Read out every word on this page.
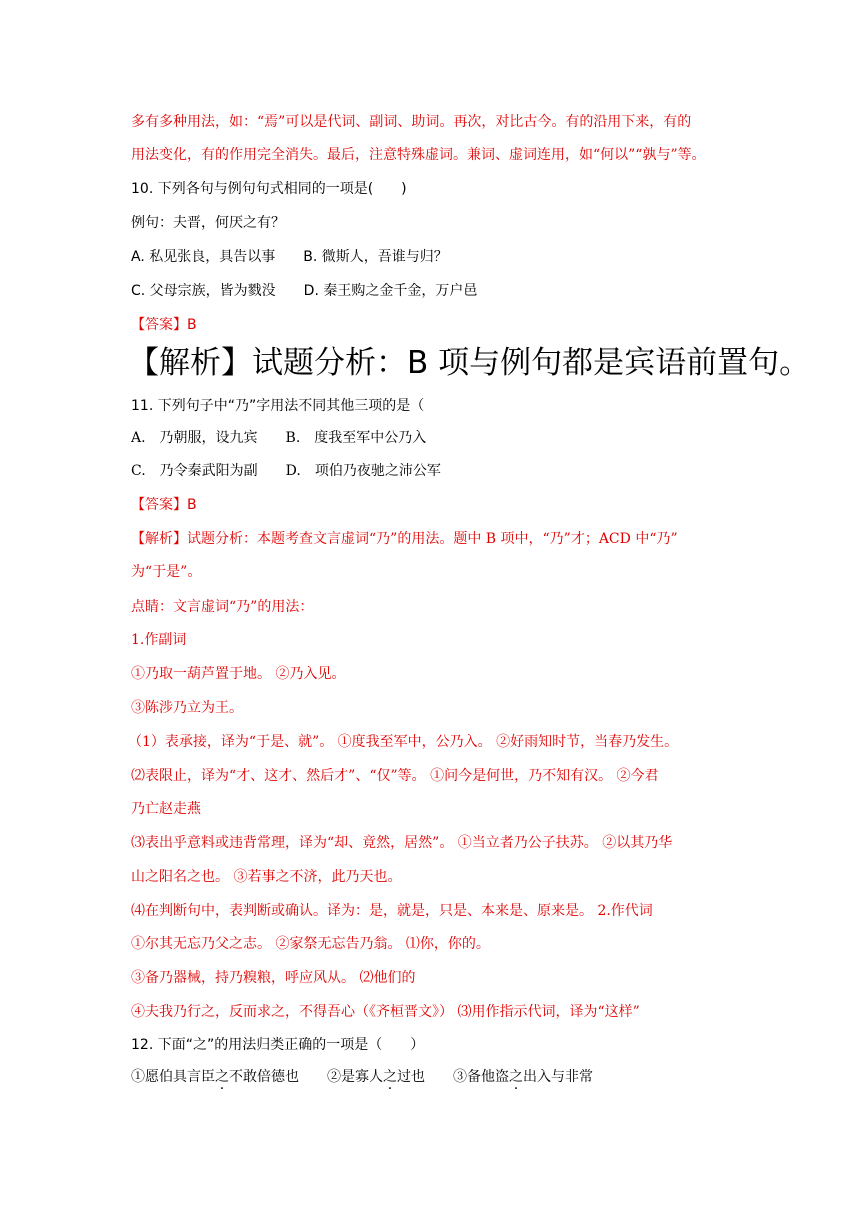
多有多种用法，如：“焉”可以是代词、副词、助词。再次，对比古今。有的沿用下来，有的
用法变化，有的作用完全消失。最后，注意特殊虚词。兼词、虚词连用，如“何以”“孰与”等。
10. 下列各句与例句句式相同的一项是(　　)
例句：夫晋，何厌之有？
A. 私见张良，具告以事　　B. 微斯人，吾谁与归？
C. 父母宗族，皆为戮没　　D. 秦王购之金千金，万户邑
【答案】B
【解析】试题分析：B 项与例句都是宾语前置句。
11. 下列句子中“乃”字用法不同其他三项的是（
A.　乃朝服，设九宾　　B.　度我至军中公乃入
C.　乃令秦武阳为副　　D.　项伯乃夜驰之沛公军
【答案】B
【解析】试题分析：本题考查文言虚词“乃”的用法。题中 B 项中，“乃”才；ACD 中“乃”
为“于是”。
点睛：文言虚词“乃”的用法：
1.作副词
①乃取一葫芦置于地。 ②乃入见。
③陈涉乃立为王。
（1）表承接，译为“于是、就”。 ①度我至军中，公乃入。 ②好雨知时节，当春乃发生。
⑵表限止，译为“才、这才、然后才”、“仅”等。 ①问今是何世，乃不知有汉。 ②今君
乃亡赵走燕
⑶表出乎意料或违背常理，译为“却、竟然，居然”。 ①当立者乃公子扶苏。 ②以其乃华
山之阳名之也。 ③若事之不济，此乃天也。
⑷在判断句中，表判断或确认。译为：是，就是，只是、本来是、原来是。 2.作代词
①尔其无忘乃父之志。 ②家祭无忘告乃翁。 ⑴你，你的。
③备乃器械，持乃糗粮，呼应风从。 ⑵他们的
④夫我乃行之，反而求之，不得吾心（《齐桓晋文》） ⑶用作指示代词，译为“这样”
12. 下面“之”的用法归类正确的一项是（　　）
①愿伯具言臣之不敢倍德也　　②是寡人之过也　　③备他盗之出入与非常
